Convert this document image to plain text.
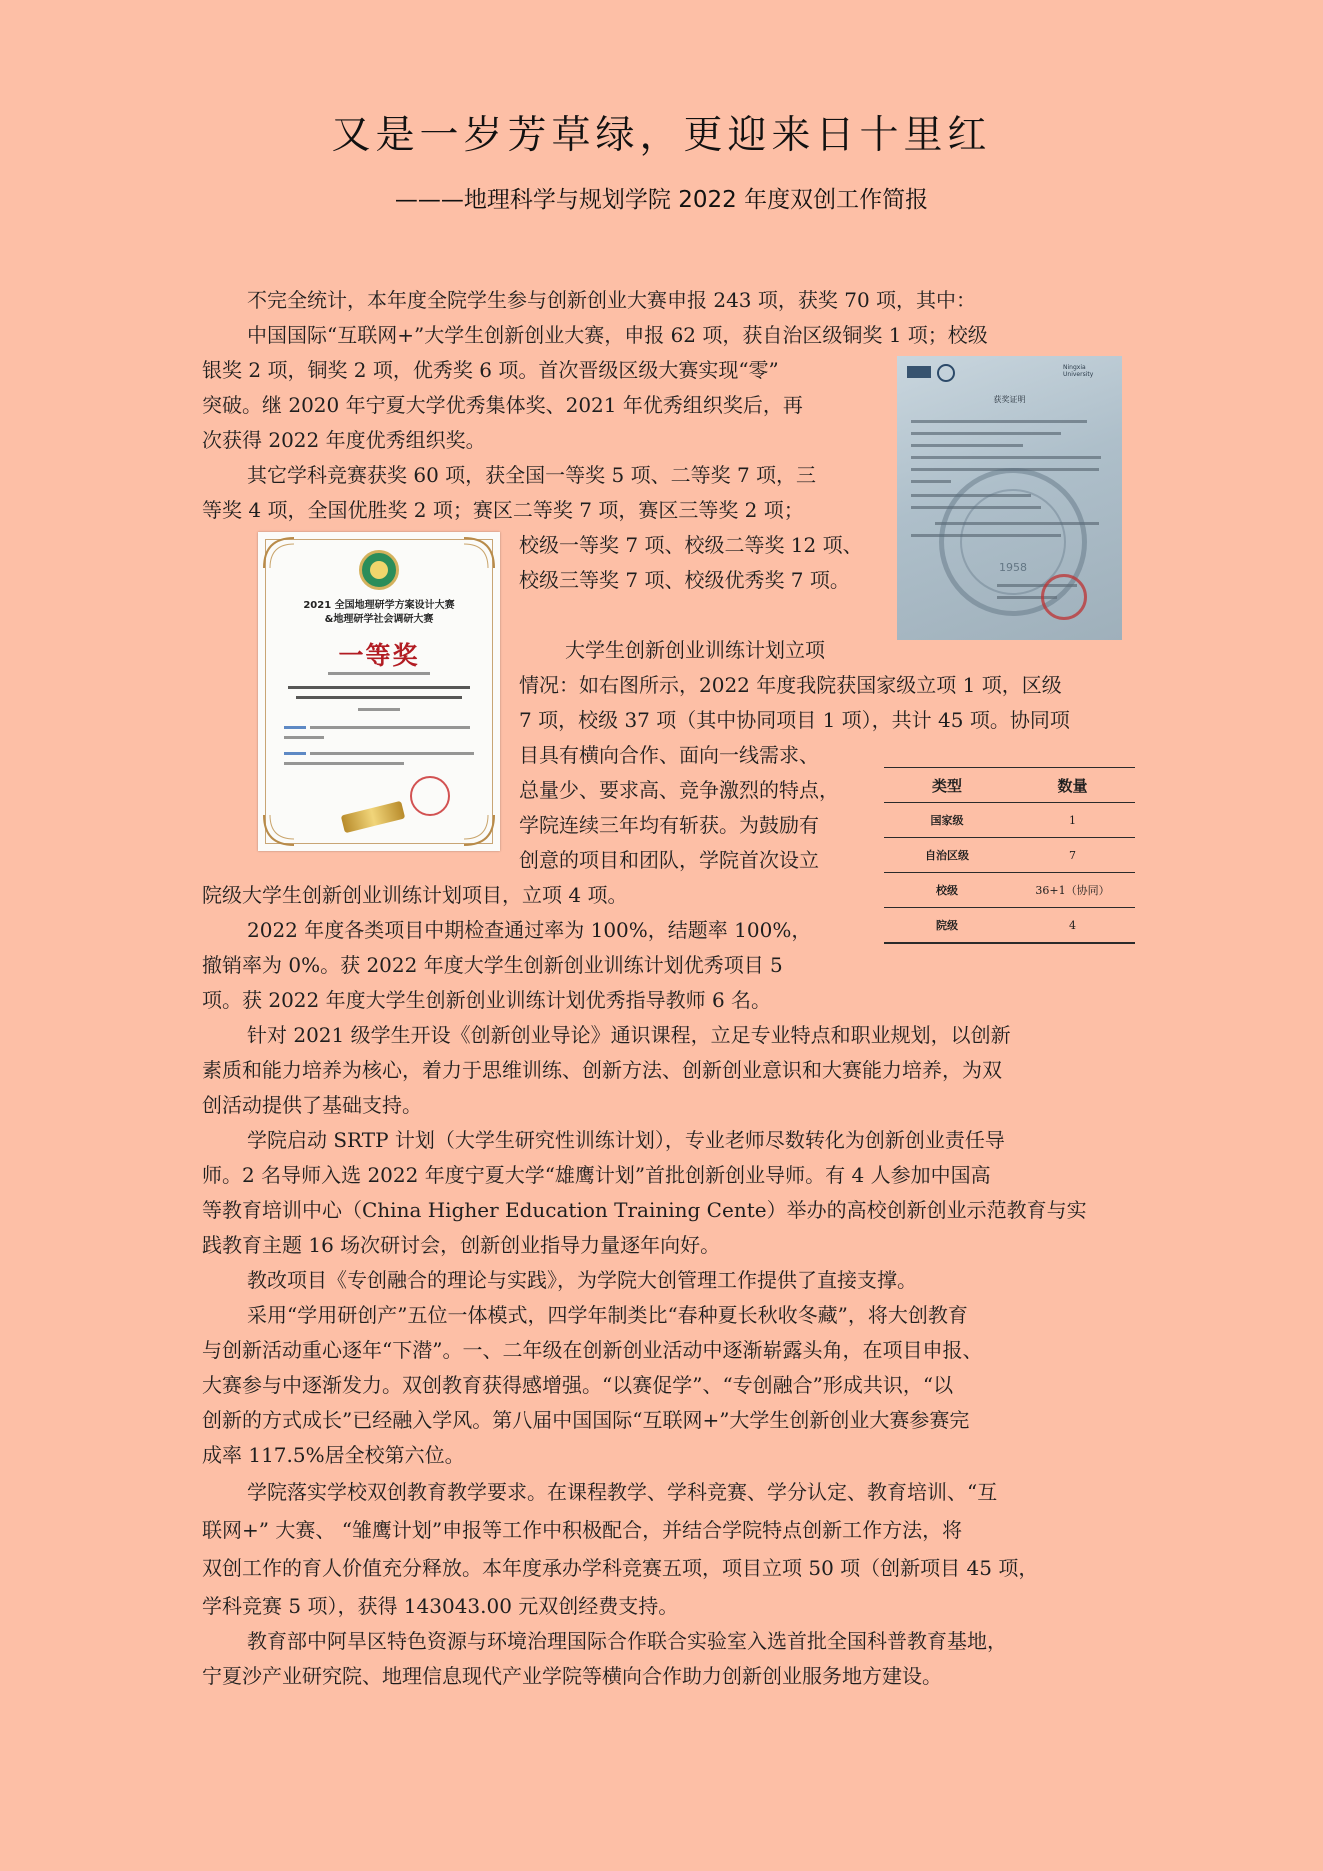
又是一岁芳草绿，更迎来日十里红
———地理科学与规划学院 2022 年度双创工作简报

不完全统计，本年度全院学生参与创新创业大赛申报 243 项，获奖 70 项，其中：

中国国际“互联网+”大学生创新创业大赛，申报 62 项，获自治区级铜奖 1 项；校级

银奖 2 项，铜奖 2 项，优秀奖 6 项。首次晋级区级大赛实现“零”

突破。继 2020 年宁夏大学优秀集体奖、2021 年优秀组织奖后，再

次获得 2022 年度优秀组织奖。

其它学科竞赛获奖 60 项，获全国一等奖 5 项、二等奖 7 项，三

等奖 4 项，全国优胜奖 2 项；赛区二等奖 7 项，赛区三等奖 2 项；

校级一等奖 7 项、校级二等奖 12 项、

校级三等奖 7 项、校级优秀奖 7 项。

大学生创新创业训练计划立项

情况：如右图所示，2022 年度我院获国家级立项 1 项，区级

7 项，校级 37 项（其中协同项目 1 项），共计 45 项。协同项

目具有横向合作、面向一线需求、

总量少、要求高、竞争激烈的特点，

学院连续三年均有斩获。为鼓励有

创意的项目和团队，学院首次设立

院级大学生创新创业训练计划项目，立项 4 项。

2022 年度各类项目中期检查通过率为 100%，结题率 100%，

撤销率为 0%。获 2022 年度大学生创新创业训练计划优秀项目 5

项。获 2022 年度大学生创新创业训练计划优秀指导教师 6 名。

针对 2021 级学生开设《创新创业导论》通识课程，立足专业特点和职业规划，以创新

素质和能力培养为核心，着力于思维训练、创新方法、创新创业意识和大赛能力培养，为双

创活动提供了基础支持。

学院启动 SRTP 计划（大学生研究性训练计划），专业老师尽数转化为创新创业责任导

师。2 名导师入选 2022 年度宁夏大学“雄鹰计划”首批创新创业导师。有 4 人参加中国高

等教育培训中心（China Higher Education Training Cente）举办的高校创新创业示范教育与实

践教育主题 16 场次研讨会，创新创业指导力量逐年向好。

教改项目《专创融合的理论与实践》，为学院大创管理工作提供了直接支撑。

采用“学用研创产”五位一体模式，四学年制类比“春种夏长秋收冬藏”，将大创教育

与创新活动重心逐年“下潜”。一、二年级在创新创业活动中逐渐崭露头角，在项目申报、

大赛参与中逐渐发力。双创教育获得感增强。“以赛促学”、“专创融合”形成共识，“以

创新的方式成长”已经融入学风。第八届中国国际“互联网+”大学生创新创业大赛参赛完

成率 117.5%居全校第六位。

学院落实学校双创教育教学要求。在课程教学、学科竞赛、学分认定、教育培训、“互

联网+” 大赛、 “雏鹰计划”申报等工作中积极配合，并结合学院特点创新工作方法，将

双创工作的育人价值充分释放。本年度承办学科竞赛五项，项目立项 50 项（创新项目 45 项，

学科竞赛 5 项），获得 143043.00 元双创经费支持。

教育部中阿旱区特色资源与环境治理国际合作联合实验室入选首批全国科普教育基地，

宁夏沙产业研究院、地理信息现代产业学院等横向合作助力创新创业服务地方建设。

Ningxia University
获奖证明
1958
2021 全国地理研学方案设计大赛
&地理研学社会调研大赛
一等奖
类型	数量
国家级	1
自治区级	7
校级	36+1（协同）
院级	4
